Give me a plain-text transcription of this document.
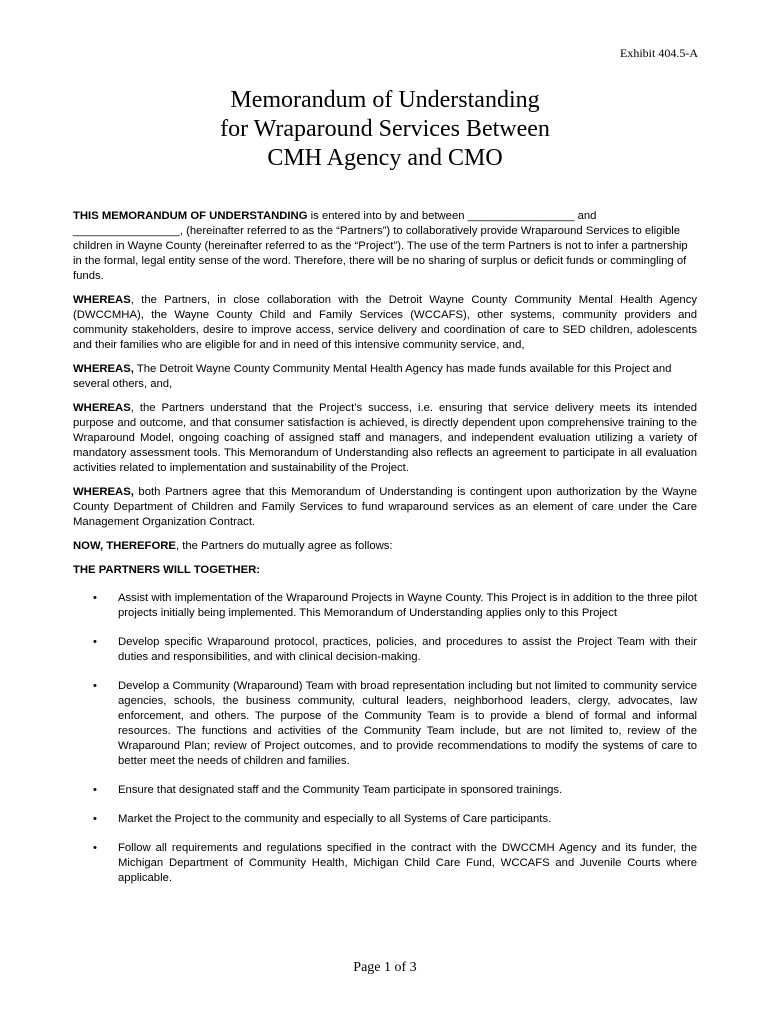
Exhibit 404.5-A
Memorandum of Understanding
for Wraparound Services Between
CMH Agency and CMO

THIS MEMORANDUM OF UNDERSTANDING is entered into by and between _________________ and _________________, (hereinafter referred to as the “Partners”) to collaboratively provide Wraparound Services to eligible children in Wayne County (hereinafter referred to as the “Project”). The use of the term Partners is not to infer a partnership in the formal, legal entity sense of the word. Therefore, there will be no sharing of surplus or deficit funds or commingling of funds.

WHEREAS, the Partners, in close collaboration with the Detroit Wayne County Community Mental Health Agency (DWCCMHA), the Wayne County Child and Family Services (WCCAFS), other systems, community providers and community stakeholders, desire to improve access, service delivery and coordination of care to SED children, adolescents and their families who are eligible for and in need of this intensive community service, and,

WHEREAS, The Detroit Wayne County Community Mental Health Agency has made funds available for this Project and several others, and,

WHEREAS, the Partners understand that the Project’s success, i.e. ensuring that service delivery meets its intended purpose and outcome, and that consumer satisfaction is achieved, is directly dependent upon comprehensive training to the Wraparound Model, ongoing coaching of assigned staff and managers, and independent evaluation utilizing a variety of mandatory assessment tools. This Memorandum of Understanding also reflects an agreement to participate in all evaluation activities related to implementation and sustainability of the Project.

WHEREAS, both Partners agree that this Memorandum of Understanding is contingent upon authorization by the Wayne County Department of Children and Family Services to fund wraparound services as an element of care under the Care Management Organization Contract.

NOW, THEREFORE, the Partners do mutually agree as follows:

THE PARTNERS WILL TOGETHER:

• Assist with implementation of the Wraparound Projects in Wayne County. This Project is in addition to the three pilot projects initially being implemented. This Memorandum of Understanding applies only to this Project
• Develop specific Wraparound protocol, practices, policies, and procedures to assist the Project Team with their duties and responsibilities, and with clinical decision-making.
• Develop a Community (Wraparound) Team with broad representation including but not limited to community service agencies, schools, the business community, cultural leaders, neighborhood leaders, clergy, advocates, law enforcement, and others. The purpose of the Community Team is to provide a blend of formal and informal resources. The functions and activities of the Community Team include, but are not limited to, review of the Wraparound Plan; review of Project outcomes, and to provide recommendations to modify the systems of care to better meet the needs of children and families.
• Ensure that designated staff and the Community Team participate in sponsored trainings.
• Market the Project to the community and especially to all Systems of Care participants.
• Follow all requirements and regulations specified in the contract with the DWCCMH Agency and its funder, the Michigan Department of Community Health, Michigan Child Care Fund, WCCAFS and Juvenile Courts where applicable.
Page 1 of 3
